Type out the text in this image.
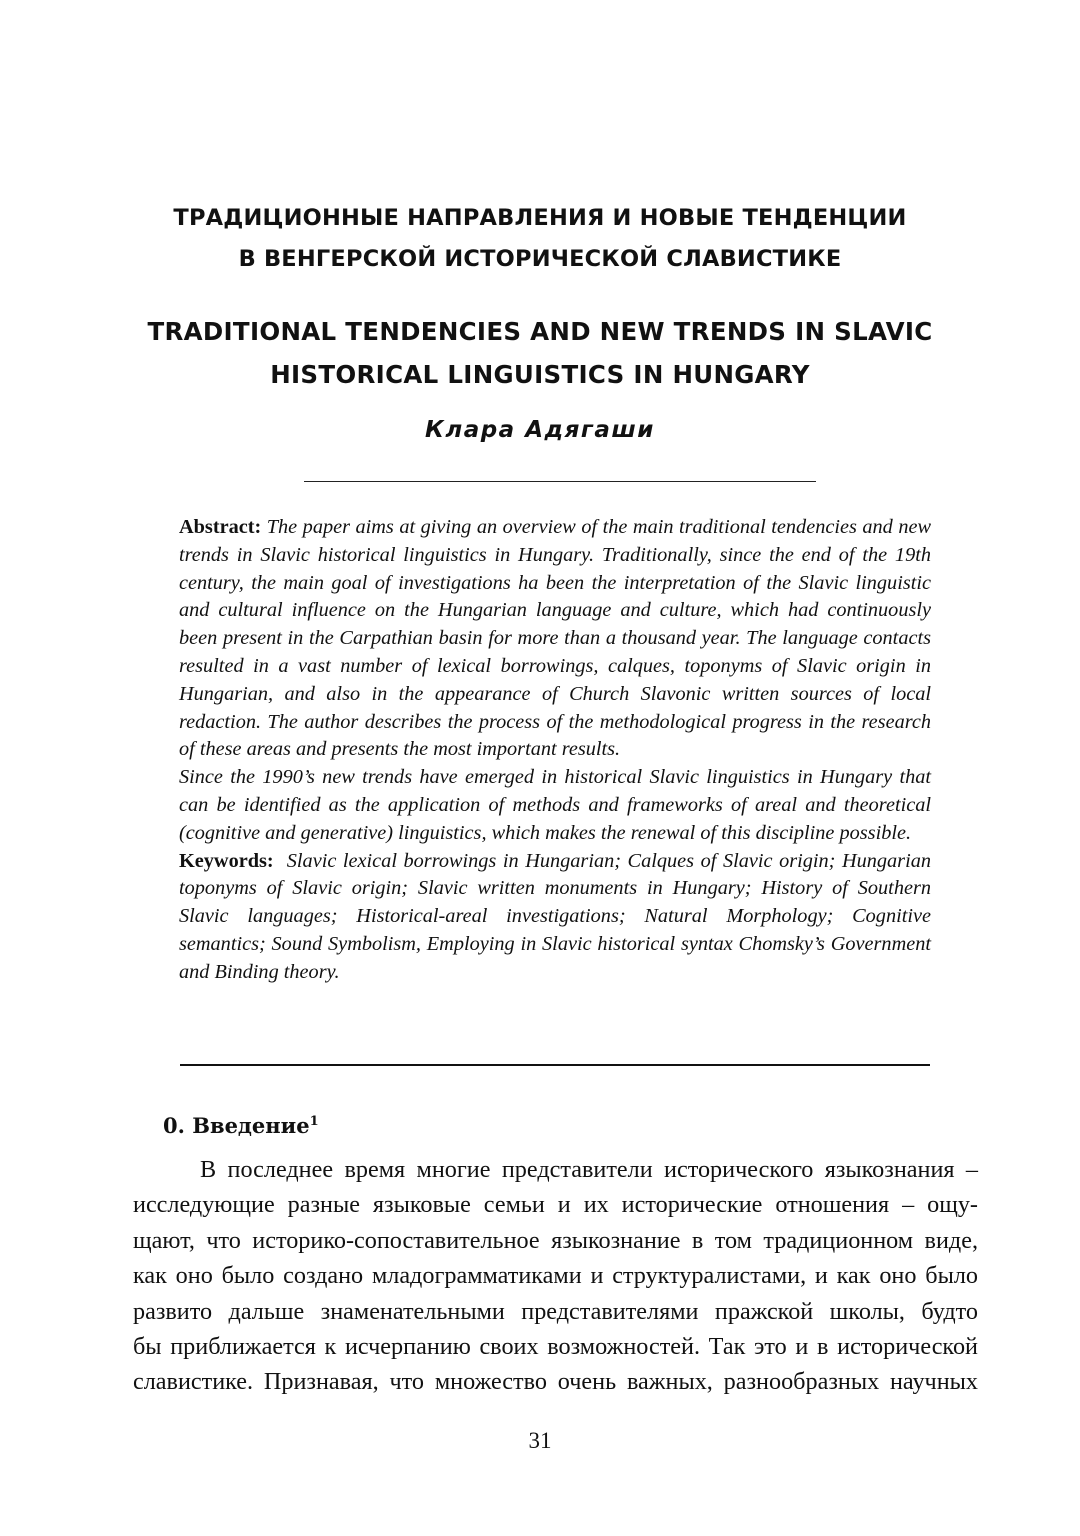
ТРАДИЦИОННЫЕ НАПРАВЛЕНИЯ И НОВЫЕ ТЕНДЕНЦИИ
В ВЕНГЕРСКОЙ ИСТОРИЧЕСКОЙ СЛАВИСТИКЕ
TRADITIONAL TENDENCIES AND NEW TRENDS IN SLAVIC
HISTORICAL LINGUISTICS IN HUNGARY
Клара Адягаши

Abstract: The paper aims at giving an overview of the main traditional tendencies and new trends in Slavic historical linguistics in Hungary. Traditionally, since the end of the 19th century, the main goal of investigations ha been the interpretation of the Slavic linguistic and cultural influence on the Hungarian language and culture, which had continuously been present in the Carpathian basin for more than a thousand year. The language contacts resulted in a vast number of lexical borrowings, calques, toponyms of Slavic origin in Hungarian, and also in the appearance of Church Slavonic written sources of local redaction. The author describes the process of the methodological progress in the research of these areas and presents the most important results.

Since the 1990’s new trends have emerged in historical Slavic linguistics in Hungary that can be identified as the application of methods and frameworks of areal and theoretical (cognitive and generative) linguistics, which makes the renewal of this discipline possible.

Keywords: Slavic lexical borrowings in Hungarian; Calques of Slavic origin; Hungarian toponyms of Slavic origin; Slavic written monuments in Hungary; History of Southern Slavic languages; Historical-areal investigations; Natural Morphology; Cognitive semantics; Sound Symbolism, Employing in Slavic historical syntax Chomsky’s Government and Binding theory.

0. Введение$^1$
В последнее время многие представители исторического языкознания –
исследующие разные языковые семьи и их исторические отношения – ощу-
щают, что историко-сопоставительное языкознание в том традиционном виде,
как оно было создано младограмматиками и структуралистами, и как оно было
развито дальше знаменательными представителями пражской школы, будто
бы приближается к исчерпанию своих возможностей. Так это и в исторической
славистике. Признавая, что множество очень важных, разнообразных научных
31
